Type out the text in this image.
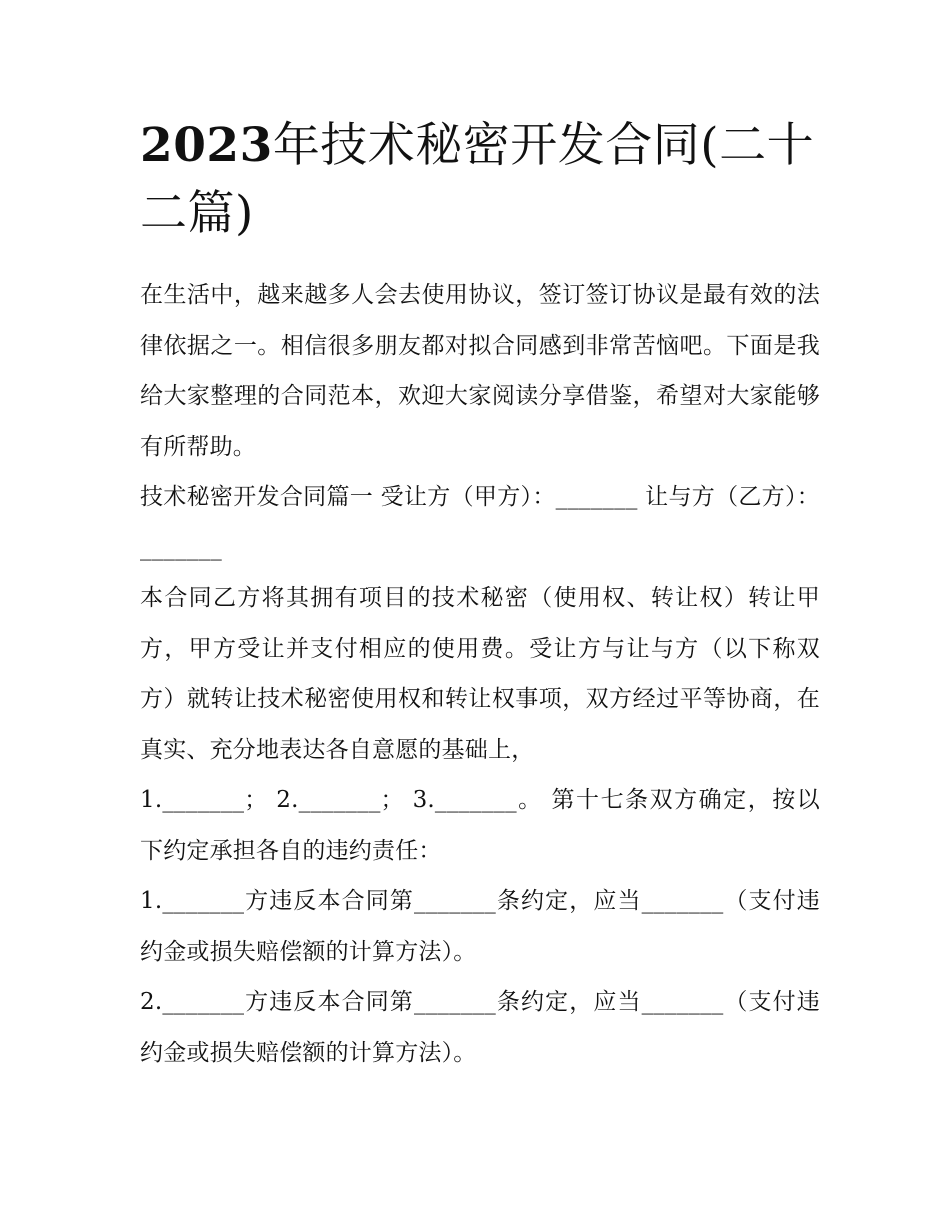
2023年技术秘密开发合同(二十二篇)

在生活中，越来越多人会去使用协议，签订签订协议是最有效的法律依据之一。相信很多朋友都对拟合同感到非常苦恼吧。下面是我给大家整理的合同范本，欢迎大家阅读分享借鉴，希望对大家能够有所帮助。

技术秘密开发合同篇一 受让方（甲方）：_______ 让与方（乙方）：_______

本合同乙方将其拥有项目的技术秘密（使用权、转让权）转让甲方，甲方受让并支付相应的使用费。受让方与让与方（以下称双方）就转让技术秘密使用权和转让权事项，双方经过平等协商，在真实、充分地表达各自意愿的基础上，

1._______； 2._______； 3._______。 第十七条双方确定，按以下约定承担各自的违约责任：

1._______方违反本合同第_______条约定，应当_______（支付违约金或损失赔偿额的计算方法）。

2._______方违反本合同第_______条约定，应当_______（支付违约金或损失赔偿额的计算方法）。
